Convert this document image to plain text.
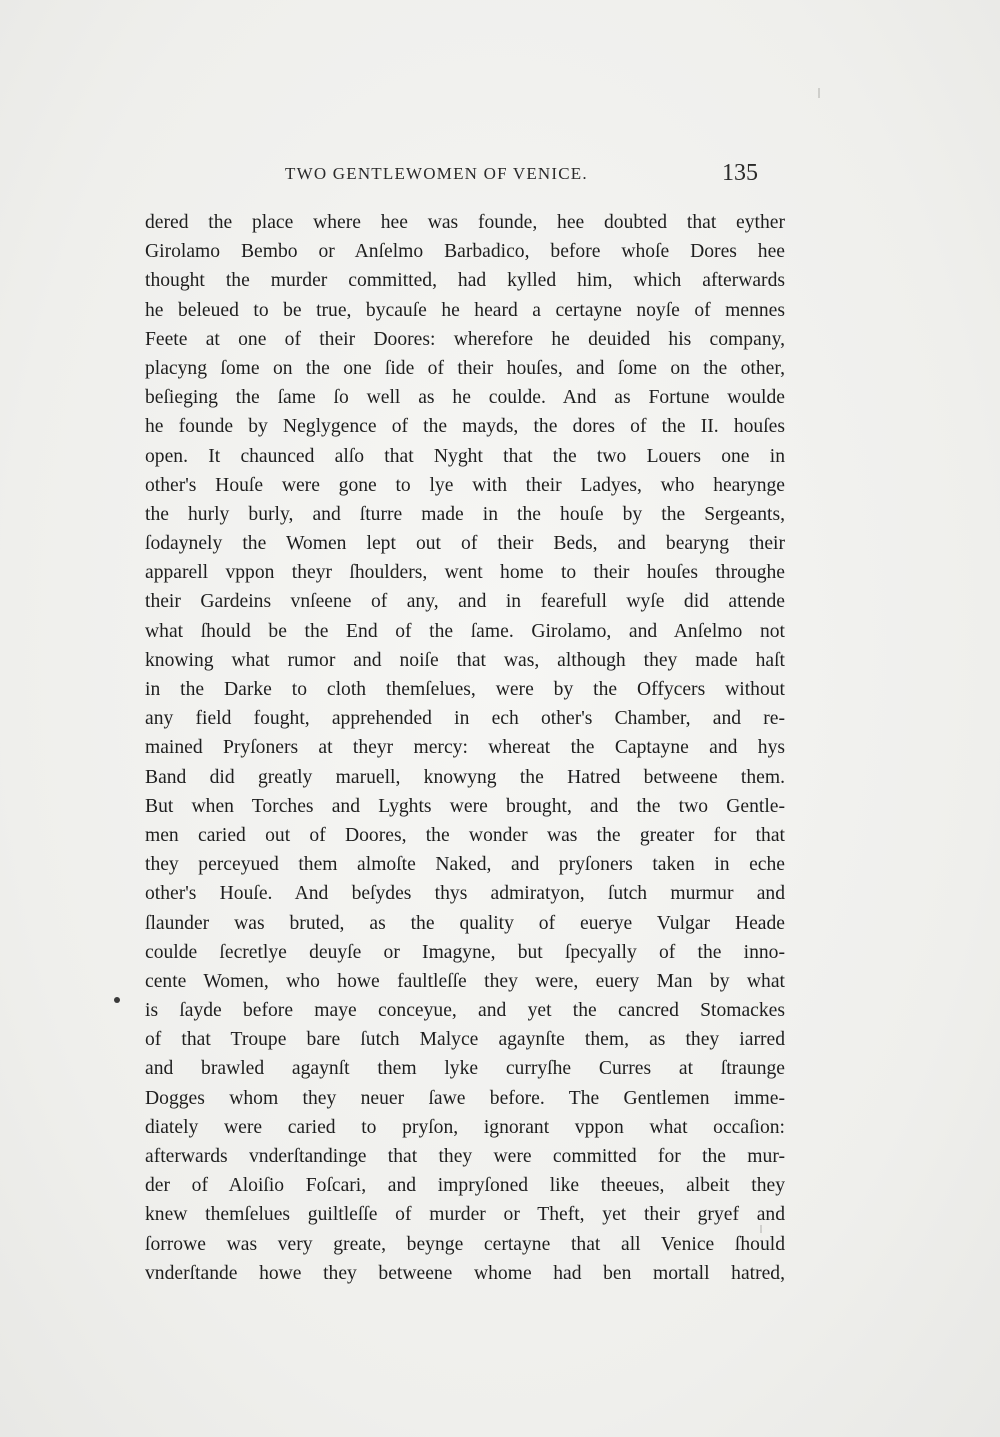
TWO GENTLEWOMEN OF VENICE.	135
dered the place where hee was founde, hee doubted that eyther
Girolamo Bembo or Anſelmo Barbadico, before whoſe Dores hee
thought the murder committed, had kylled him, which afterwards
he beleued to be true, bycauſe he heard a certayne noyſe of mennes
Feete at one of their Doores: wherefore he deuided his company,
placyng ſome on the one ſide of their houſes, and ſome on the other,
beſieging the ſame ſo well as he coulde. And as Fortune woulde
he founde by Neglygence of the mayds, the dores of the II. houſes
open. It chaunced alſo that Nyght that the two Louers one in
other's Houſe were gone to lye with their Ladyes, who hearynge
the hurly burly, and ſturre made in the houſe by the Sergeants,
ſodaynely the Women lept out of their Beds, and bearyng their
apparell vppon theyr ſhoulders, went home to their houſes throughe
their Gardeins vnſeene of any, and in fearefull wyſe did attende
what ſhould be the End of the ſame. Girolamo, and Anſelmo not
knowing what rumor and noiſe that was, although they made haſt
in the Darke to cloth themſelues, were by the Offycers without
any field fought, apprehended in ech other's Chamber, and re-
mained Pryſoners at theyr mercy: whereat the Captayne and hys
Band did greatly maruell, knowyng the Hatred betweene them.
But when Torches and Lyghts were brought, and the two Gentle-
men caried out of Doores, the wonder was the greater for that
they perceyued them almoſte Naked, and pryſoners taken in eche
other's Houſe. And beſydes thys admiratyon, ſutch murmur and
ſlaunder was bruted, as the quality of euerye Vulgar Heade
coulde ſecretlye deuyſe or Imagyne, but ſpecyally of the inno-
cente Women, who howe faultleſſe they were, euery Man by what
is ſayde before maye conceyue, and yet the cancred Stomackes
of that Troupe bare ſutch Malyce agaynſte them, as they iarred
and brawled agaynſt them lyke curryſhe Curres at ſtraunge
Dogges whom they neuer ſawe before. The Gentlemen imme-
diately were caried to pryſon, ignorant vppon what occaſion:
afterwards vnderſtandinge that they were committed for the mur-
der of Aloiſio Foſcari, and impryſoned like theeues, albeit they
knew themſelues guiltleſſe of murder or Theft, yet their gryef and
ſorrowe was very greate, beynge certayne that all Venice ſhould
vnderſtande howe they betweene whome had ben mortall hatred,
